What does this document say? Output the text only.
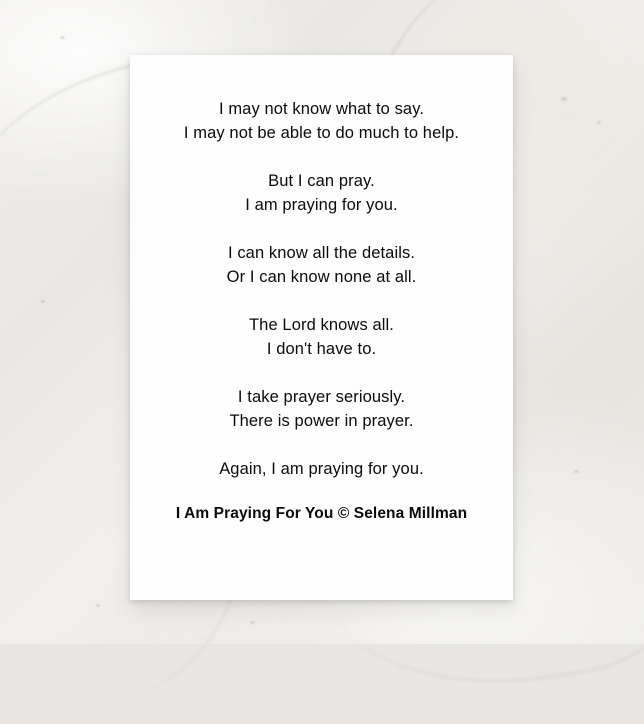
I may not know what to say.
I may not be able to do much to help.
But I can pray.
I am praying for you.
I can know all the details.
Or I can know none at all.
The Lord knows all.
I don't have to.
I take prayer seriously.
There is power in prayer.
Again, I am praying for you.
I Am Praying For You © Selena Millman
